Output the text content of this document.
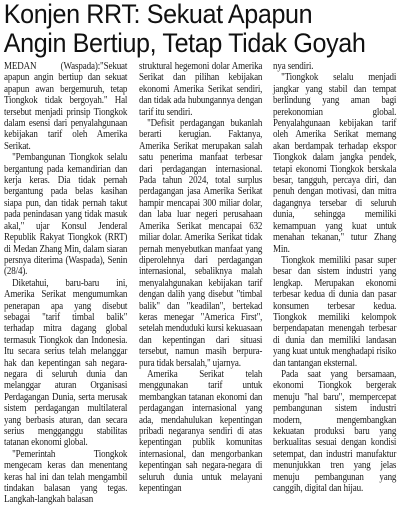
Konjen RRT: Sekuat Apapun
Angin Bertiup, Tetap Tidak Goyah

MEDAN (Waspada):"Sekuat apapun angin bertiup dan sekuat apapun awan bergemuruh, tetap Tiongkok tidak bergoyah." Hal tersebut menjadi prinsip Tiongkok dalam esensi dari penyalahgunaan kebijakan tarif oleh Amerika Serikat.

"Pembangunan Tiongkok selalu bergantung pada kemandirian dan kerja keras. Dia tidak pernah bergantung pada belas kasihan siapa pun, dan tidak pernah takut pada penindasan yang tidak masuk akal," ujar Konsul Jenderal Republik Rakyat Tiongkok (RRT) di Medan Zhang Min, dalam siaran persnya diterima (Waspada), Senin (28/4).

Diketahui, baru-baru ini, Amerika Serikat mengumumkan penerapan apa yang disebut sebagai "tarif timbal balik" terhadap mitra dagang global termasuk Tiongkok dan Indonesia. Itu secara serius telah melanggar hak dan kepentingan sah negara-negara di seluruh dunia dan melanggar aturan Organisasi Perdagangan Dunia, serta merusak sistem perdagangan multilateral yang berbasis aturan, dan secara serius mengganggu stabilitas tatanan ekonomi global.

"Pemerintah Tiongkok mengecam keras dan menentang keras hal ini dan telah mengambil tindakan balasan yang tegas. Langkah-langkah balasan

struktural hegemoni dolar Amerika Serikat dan pilihan kebijakan ekonomi Amerika Serikat sendiri, dan tidak ada hubungannya dengan tarif itu sendiri.

"Defisit perdagangan bukanlah berarti kerugian. Faktanya, Amerika Serikat merupakan salah satu penerima manfaat terbesar dari perdagangan internasional. Pada tahun 2024, total surplus perdagangan jasa Amerika Serikat hampir mencapai 300 miliar dolar, dan laba luar negeri perusahaan Amerika Serikat mencapai 632 miliar dolar. Amerika Serikat tidak pernah menyebutkan manfaat yang diperolehnya dari perdagangan internasional, sebaliknya malah menyalahgunakan kebijakan tarif dengan dalih yang disebut "timbal balik" dan "keadilan", bertekad keras menegar "America First", setelah menduduki kursi kekuasaan dan kepentingan dari situasi tersebut, namun masih berpura-pura tidak bersalah," ujarnya.

Amerika Serikat telah menggunakan tarif untuk membangkan tatanan ekonomi dan perdagangan internasional yang ada, mendahulukan kepentingan pribadi negaranya sendiri di atas kepentingan publik komunitas internasional, dan mengorbankan kepentingan sah negara-negara di seluruh dunia untuk melayani kepentingan

nya sendiri.

"Tiongkok selalu menjadi jangkar yang stabil dan tempat berlindung yang aman bagi perekonomian global. Penyalahgunaan kebijakan tarif oleh Amerika Serikat memang akan berdampak terhadap ekspor Tiongkok dalam jangka pendek, tetapi ekonomi Tiongkok berskala besar, tangguh, percaya diri, dan penuh dengan motivasi, dan mitra dagangnya tersebar di seluruh dunia, sehingga memiliki kemampuan yang kuat untuk menahan tekanan," tutur Zhang Min.

Tiongkok memiliki pasar super besar dan sistem industri yang lengkap. Merupakan ekonomi terbesar kedua di dunia dan pasar konsumen terbesar kedua. Tiongkok memiliki kelompok berpendapatan menengah terbesar di dunia dan memiliki landasan yang kuat untuk menghadapi risiko dan tantangan eksternal.

Pada saat yang bersamaan, ekonomi Tiongkok bergerak menuju "hal baru", mempercepat pembangunan sistem industri modern, mengembangkan kekuatan produksi baru yang berkualitas sesuai dengan kondisi setempat, dan industri manufaktur menunjukkan tren yang jelas menuju pembangunan yang canggih, digital dan hijau.
